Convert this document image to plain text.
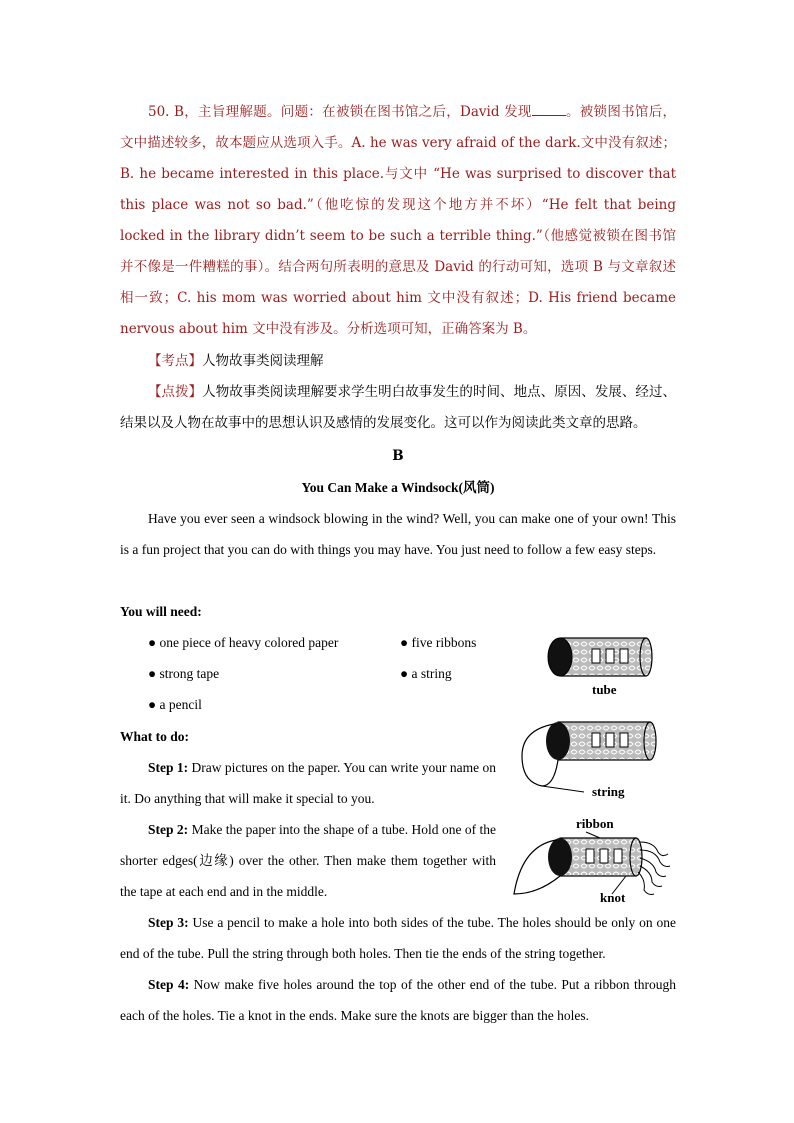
50. B，主旨理解题。问题：在被锁在图书馆之后，David 发现	。被锁图书馆后，文中描述较多，故本题应从选项入手。A. he was very afraid of the dark.文中没有叙述；B. he became interested in this place.与文中 “He was surprised to discover that this place was not so bad.”（他吃惊的发现这个地方并不坏）“He felt that being locked in the library didn’t seem to be such a terrible thing.”（他感觉被锁在图书馆并不像是一件糟糕的事）。结合两句所表明的意思及 David 的行动可知，选项 B 与文章叙述相一致；C. his mom was worried about him 文中没有叙述；D. His friend became nervous about him 文中没有涉及。分析选项可知，正确答案为 B。

【考点】人物故事类阅读理解

【点拨】人物故事类阅读理解要求学生明白故事发生的时间、地点、原因、发展、经过、结果以及人物在故事中的思想认识及感情的发展变化。这可以作为阅读此类文章的思路。

B
You Can Make a Windsock(风筒)

Have you ever seen a windsock blowing in the wind? Well, you can make one of your own! This is a fun project that you can do with things you may have. You just need to follow a few easy steps.

You will need:
● one piece of heavy colored paper	● five ribbons
● strong tape	● a string
● a pencil
What to do:

Step 1: Draw pictures on the paper. You can write your name on it. Do anything that will make it special to you.

Step 2: Make the paper into the shape of a tube. Hold one of the shorter edges(边缘) over the other. Then make them together with the tape at each end and in the middle.

Step 3: Use a pencil to make a hole into both sides of the tube. The holes should be only on one end of the tube. Pull the string through both holes. Then tie the ends of the string together.

Step 4: Now make five holes around the top of the other end of the tube. Put a ribbon through each of the holes. Tie a knot in the ends. Make sure the knots are bigger than the holes.

tube
string
ribbon
knot
